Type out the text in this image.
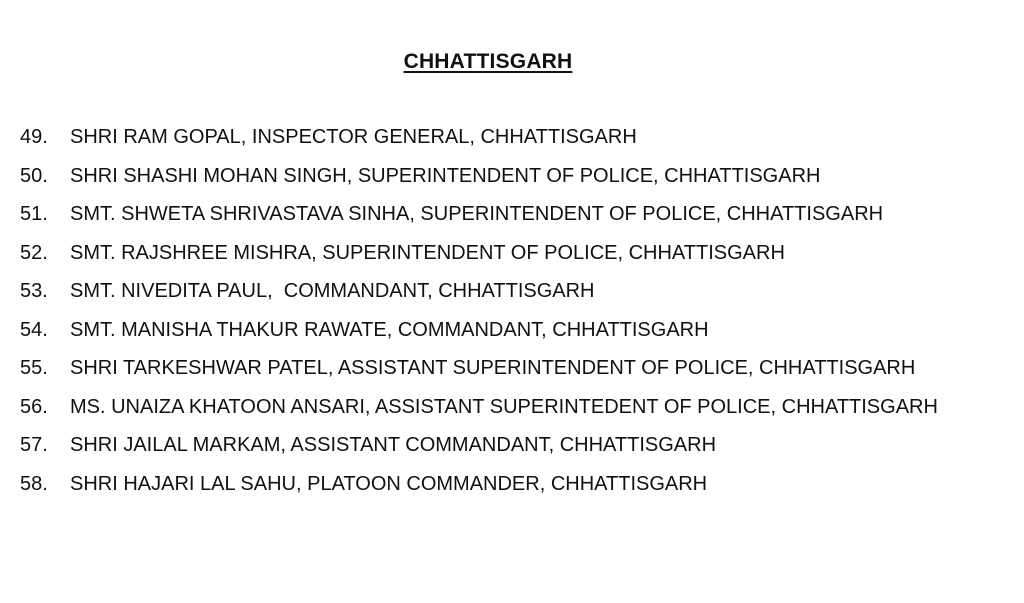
CHHATTISGARH
49.	SHRI RAM GOPAL, INSPECTOR GENERAL, CHHATTISGARH
50.	SHRI SHASHI MOHAN SINGH, SUPERINTENDENT OF POLICE, CHHATTISGARH
51.	SMT. SHWETA SHRIVASTAVA SINHA, SUPERINTENDENT OF POLICE, CHHATTISGARH
52.	SMT. RAJSHREE MISHRA, SUPERINTENDENT OF POLICE, CHHATTISGARH
53.	SMT. NIVEDITA PAUL,  COMMANDANT, CHHATTISGARH
54.	SMT. MANISHA THAKUR RAWATE, COMMANDANT, CHHATTISGARH
55.	SHRI TARKESHWAR PATEL, ASSISTANT SUPERINTENDENT OF POLICE, CHHATTISGARH
56.	MS. UNAIZA KHATOON ANSARI, ASSISTANT SUPERINTEDENT OF POLICE, CHHATTISGARH
57.	SHRI JAILAL MARKAM, ASSISTANT COMMANDANT, CHHATTISGARH
58.	SHRI HAJARI LAL SAHU, PLATOON COMMANDER, CHHATTISGARH
